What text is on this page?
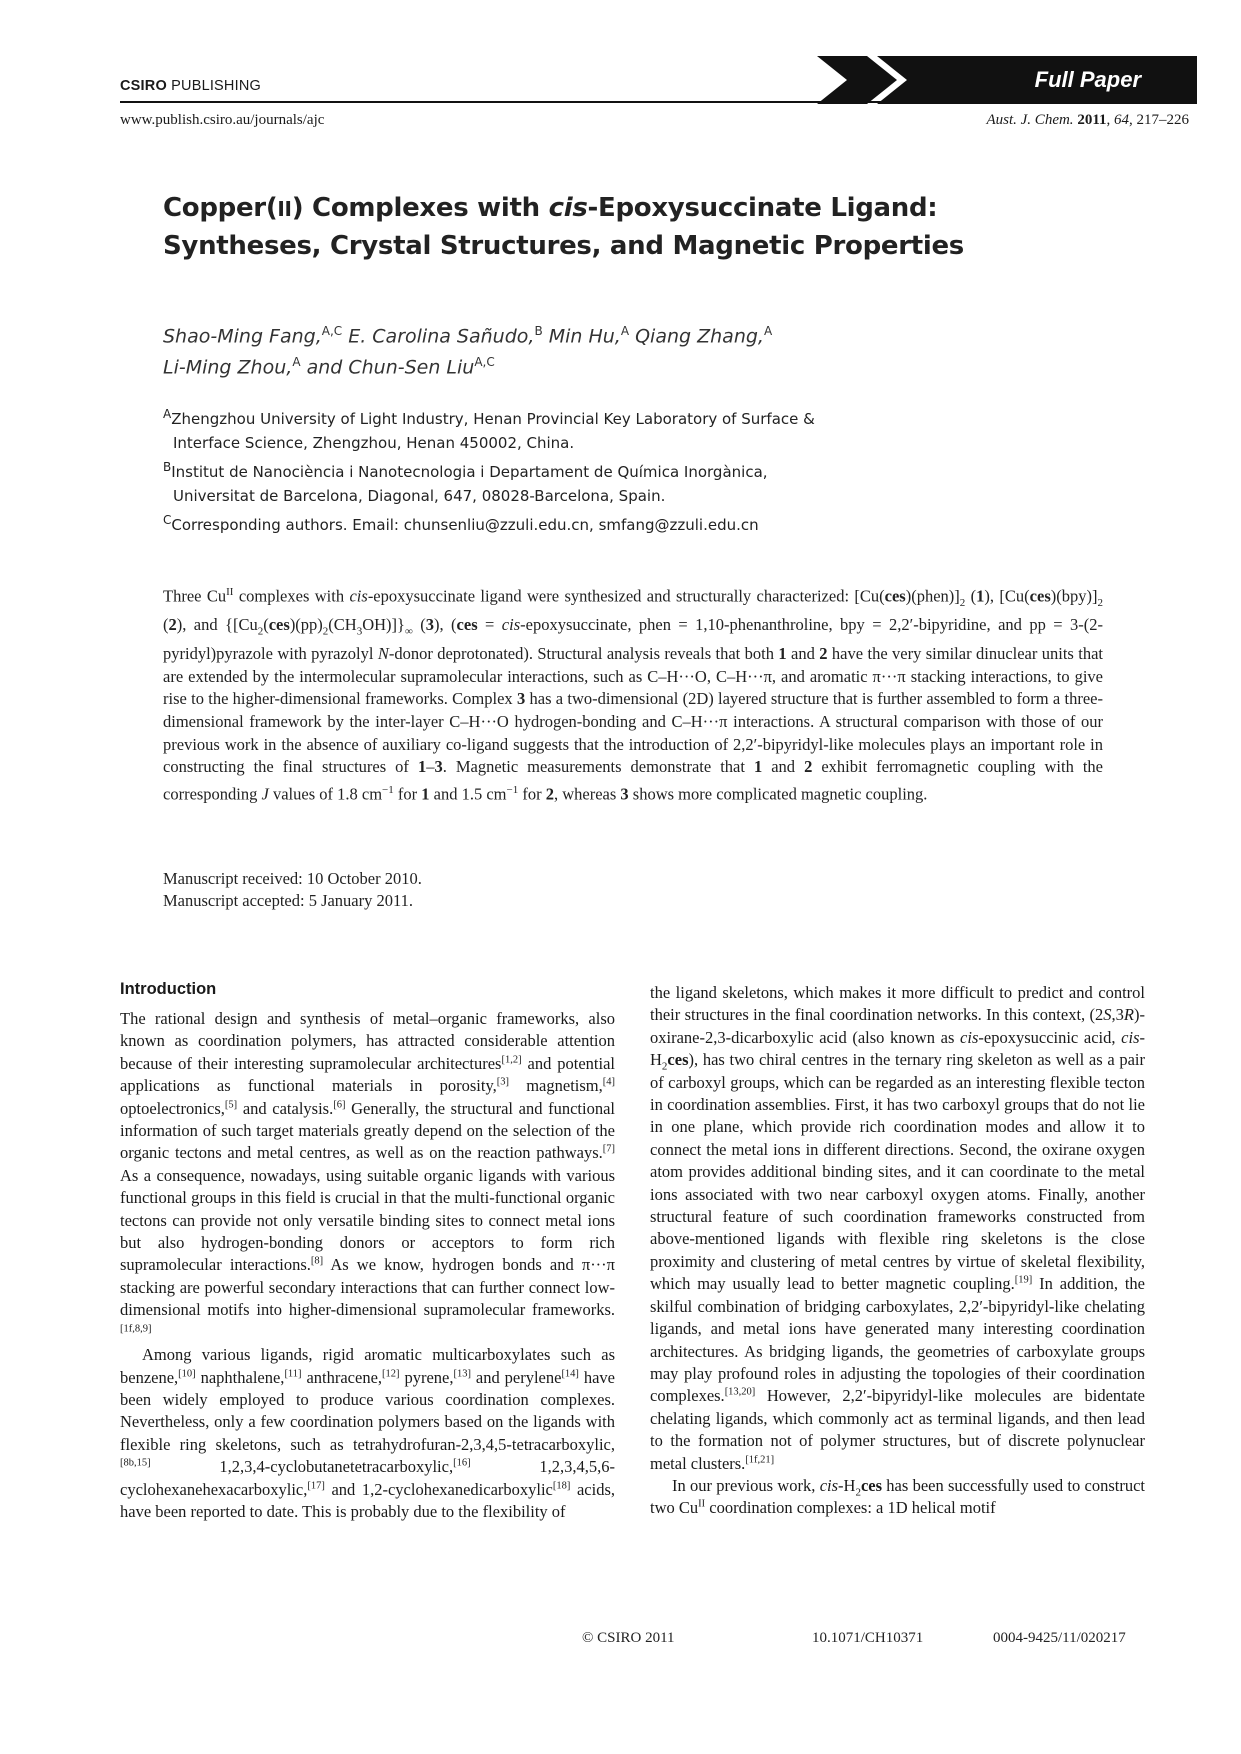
CSIRO PUBLISHING	Full Paper
www.publish.csiro.au/journals/ajc	Aust. J. Chem. 2011, 64, 217–226
Copper(II) Complexes with cis-Epoxysuccinate Ligand:
Syntheses, Crystal Structures, and Magnetic Properties
Shao-Ming Fang,$^{A,C}$ E. Carolina Sañudo,$^B$ Min Hu,$^A$ Qiang Zhang,$^A$
Li-Ming Zhou,$^A$ and Chun-Sen Liu$^{A,C}$
$^A$Zhengzhou University of Light Industry, Henan Provincial Key Laboratory of Surface &
Interface Science, Zhengzhou, Henan 450002, China.
$^B$Institut de Nanociència i Nanotecnologia i Departament de Química Inorgànica,
Universitat de Barcelona, Diagonal, 647, 08028-Barcelona, Spain.
$^C$Corresponding authors. Email: chunsenliu@zzuli.edu.cn, smfang@zzuli.edu.cn
Three $Cu^{II}$ complexes with cis-epoxysuccinate ligand were synthesized and structurally characterized: $[Cu(ces)(phen)]_2$ (1), $[Cu(ces)(bpy)]_2$ (2), and $\{[Cu_2(ces)(pp)_2(CH_3OH)]\}_\infty$ (3), (ces = cis-epoxysuccinate, phen = 1,10-phenanthroline, bpy = 2,2′-bipyridine, and pp = 3-(2-pyridyl)pyrazole with pyrazolyl N-donor deprotonated). Structural analysis reveals that both 1 and 2 have the very similar dinuclear units that are extended by the intermolecular supramolecular interactions, such as C–H···O, C–H···π, and aromatic π···π stacking interactions, to give rise to the higher-dimensional frameworks. Complex 3 has a two-dimensional (2D) layered structure that is further assembled to form a three-dimensional framework by the inter-layer C–H···O hydrogen-bonding and C–H···π interactions. A structural comparison with those of our previous work in the absence of auxiliary co-ligand suggests that the introduction of 2,2′-bipyridyl-like molecules plays an important role in constructing the final structures of 1–3. Magnetic measurements demonstrate that 1 and 2 exhibit ferromagnetic coupling with the corresponding J values of 1.8 $cm^{-1}$ for 1 and 1.5 $cm^{-1}$ for 2, whereas 3 shows more complicated magnetic coupling.
Manuscript received: 10 October 2010.
Manuscript accepted: 5 January 2011.
Introduction

The rational design and synthesis of metal–organic frameworks, also known as coordination polymers, has attracted considerable attention because of their interesting supramolecular architectures[1,2] and potential applications as functional materials in porosity,[3] magnetism,[4] optoelectronics,[5] and catalysis.[6] Generally, the structural and functional information of such target materials greatly depend on the selection of the organic tectons and metal centres, as well as on the reaction pathways.[7] As a consequence, nowadays, using suitable organic ligands with various functional groups in this field is crucial in that the multi-functional organic tectons can provide not only versatile binding sites to connect metal ions but also hydrogen-bonding donors or acceptors to form rich supramolecular interactions.[8] As we know, hydrogen bonds and π···π stacking are powerful secondary interactions that can further connect low-dimensional motifs into higher-dimensional supramolecular frameworks.[1f,8,9]

Among various ligands, rigid aromatic multicarboxylates such as benzene,[10] naphthalene,[11] anthracene,[12] pyrene,[13] and perylene[14] have been widely employed to produce various coordination complexes. Nevertheless, only a few coordination polymers based on the ligands with flexible ring skeletons, such as tetrahydrofuran-2,3,4,5-tetracarboxylic,[8b,15] 1,2,3,4-cyclobutanetetracarboxylic,[16] 1,2,3,4,5,6-cyclohexanehexacarboxylic,[17] and 1,2-cyclohexanedicarboxylic[18] acids, have been reported to date. This is probably due to the flexibility of

the ligand skeletons, which makes it more difficult to predict and control their structures in the final coordination networks. In this context, (2S,3R)-oxirane-2,3-dicarboxylic acid (also known as cis-epoxysuccinic acid, cis-$H_2ces$), has two chiral centres in the ternary ring skeleton as well as a pair of carboxyl groups, which can be regarded as an interesting flexible tecton in coordination assemblies. First, it has two carboxyl groups that do not lie in one plane, which provide rich coordination modes and allow it to connect the metal ions in different directions. Second, the oxirane oxygen atom provides additional binding sites, and it can coordinate to the metal ions associated with two near carboxyl oxygen atoms. Finally, another structural feature of such coordination frameworks constructed from above-mentioned ligands with flexible ring skeletons is the close proximity and clustering of metal centres by virtue of skeletal flexibility, which may usually lead to better magnetic coupling.[19] In addition, the skilful combination of bridging carboxylates, 2,2′-bipyridyl-like chelating ligands, and metal ions have generated many interesting coordination architectures. As bridging ligands, the geometries of carboxylate groups may play profound roles in adjusting the topologies of their coordination complexes.[13,20] However, 2,2′-bipyridyl-like molecules are bidentate chelating ligands, which commonly act as terminal ligands, and then lead to the formation not of polymer structures, but of discrete polynuclear metal clusters.[1f,21]

In our previous work, cis-$H_2ces$ has been successfully used to construct two $Cu^{II}$ coordination complexes: a 1D helical motif

© CSIRO 2011	10.1071/CH10371	0004-9425/11/020217
